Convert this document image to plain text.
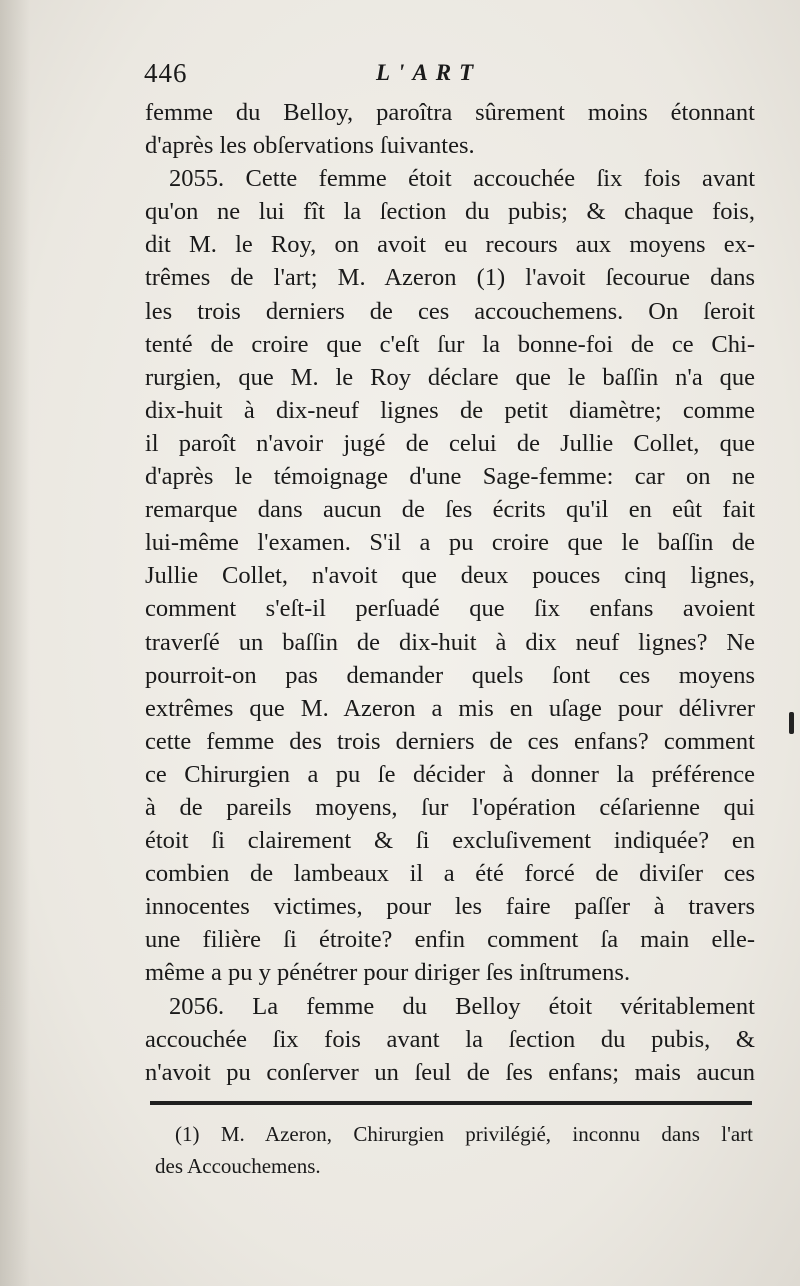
446	L'ART
femme du Belloy, paroîtra sûrement moins étonnant
d'après les obſervations ſuivantes.
2055. Cette femme étoit accouchée ſix fois avant
qu'on ne lui fît la ſection du pubis; & chaque fois,
dit M. le Roy, on avoit eu recours aux moyens ex-
trêmes de l'art; M. Azeron (1) l'avoit ſecourue dans
les trois derniers de ces accouchemens. On ſeroit
tenté de croire que c'eſt ſur la bonne-foi de ce Chi-
rurgien, que M. le Roy déclare que le baſſin n'a que
dix-huit à dix-neuf lignes de petit diamètre; comme
il paroît n'avoir jugé de celui de Jullie Collet, que
d'après le témoignage d'une Sage-femme: car on ne
remarque dans aucun de ſes écrits qu'il en eût fait
lui-même l'examen. S'il a pu croire que le baſſin de
Jullie Collet, n'avoit que deux pouces cinq lignes,
comment s'eſt-il perſuadé que ſix enfans avoient
traverſé un baſſin de dix-huit à dix neuf lignes? Ne
pourroit-on pas demander quels ſont ces moyens
extrêmes que M. Azeron a mis en uſage pour délivrer
cette femme des trois derniers de ces enfans? comment
ce Chirurgien a pu ſe décider à donner la préférence
à de pareils moyens, ſur l'opération céſarienne qui
étoit ſi clairement & ſi excluſivement indiquée? en
combien de lambeaux il a été forcé de diviſer ces
innocentes victimes, pour les faire paſſer à travers
une filière ſi étroite? enfin comment ſa main elle-
même a pu y pénétrer pour diriger ſes inſtrumens.
2056. La femme du Belloy étoit véritablement
accouchée ſix fois avant la ſection du pubis, &
n'avoit pu conſerver un ſeul de ſes enfans; mais aucun
(1) M. Azeron, Chirurgien privilégié, inconnu dans l'art
des Accouchemens.
